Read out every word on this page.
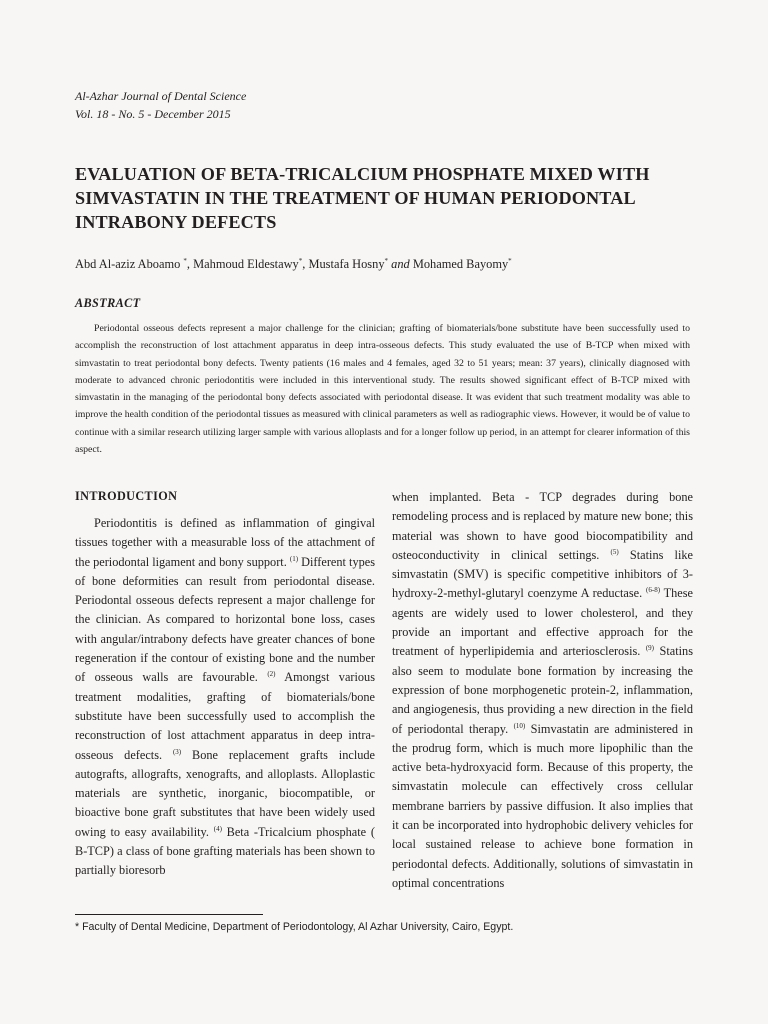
Al-Azhar Journal of Dental Science
Vol. 18 - No. 5 - December 2015
EVALUATION OF BETA-TRICALCIUM PHOSPHATE MIXED WITH
SIMVASTATIN IN THE TREATMENT OF HUMAN PERIODONTAL
INTRABONY DEFECTS
Abd Al-aziz Aboamo *, Mahmoud Eldestawy*, Mustafa Hosny* and Mohamed Bayomy*
ABSTRACT

Periodontal osseous defects represent a major challenge for the clinician; grafting of biomaterials/bone substitute have been successfully used to accomplish the reconstruction of lost attachment apparatus in deep intra-osseous defects. This study evaluated the use of B-TCP when mixed with simvastatin to treat periodontal bony defects. Twenty patients (16 males and 4 females, aged 32 to 51 years; mean: 37 years), clinically diagnosed with moderate to advanced chronic periodontitis were included in this interventional study. The results showed significant effect of B-TCP mixed with simvastatin in the managing of the periodontal bony defects associated with periodontal disease. It was evident that such treatment modality was able to improve the health condition of the periodontal tissues as measured with clinical parameters as well as radiographic views. However, it would be of value to continue with a similar research utilizing larger sample with various alloplasts and for a longer follow up period, in an attempt for clearer information of this aspect.

INTRODUCTION

Periodontitis is defined as inflammation of gingival tissues together with a measurable loss of the attachment of the periodontal ligament and bony support. $^{(1)}$ Different types of bone deformities can result from periodontal disease. Periodontal osseous defects represent a major challenge for the clinician. As compared to horizontal bone loss, cases with angular/intrabony defects have greater chances of bone regeneration if the contour of existing bone and the number of osseous walls are favourable. $^{(2)}$ Amongst various treatment modalities, grafting of biomaterials/bone substitute have been successfully used to accomplish the reconstruction of lost attachment apparatus in deep intra-osseous defects. $^{(3)}$ Bone replacement grafts include autografts, allografts, xenografts, and alloplasts. Alloplastic materials are synthetic, inorganic, biocompatible, or bioactive bone graft substitutes that have been widely used owing to easy availability. $^{(4)}$ Beta -Tricalcium phosphate ( B-TCP) a class of bone grafting materials has been shown to partially bioresorb

when implanted. Beta - TCP degrades during bone remodeling process and is replaced by mature new bone; this material was shown to have good biocompatibility and osteoconductivity in clinical settings. $^{(5)}$ Statins like simvastatin (SMV) is specific competitive inhibitors of 3-hydroxy-2-methyl-glutaryl coenzyme A reductase. $^{(6-8)}$ These agents are widely used to lower cholesterol, and they provide an important and effective approach for the treatment of hyperlipidemia and arteriosclerosis. $^{(9)}$ Statins also seem to modulate bone formation by increasing the expression of bone morphogenetic protein-2, inflammation, and angiogenesis, thus providing a new direction in the field of periodontal therapy. $^{(10)}$ Simvastatin are administered in the prodrug form, which is much more lipophilic than the active beta-hydroxyacid form. Because of this property, the simvastatin molecule can effectively cross cellular membrane barriers by passive diffusion. It also implies that it can be incorporated into hydrophobic delivery vehicles for local sustained release to achieve bone formation in periodontal defects. Additionally, solutions of simvastatin in optimal concentrations

* Faculty of Dental Medicine, Department of Periodontology, Al Azhar University, Cairo, Egypt.
